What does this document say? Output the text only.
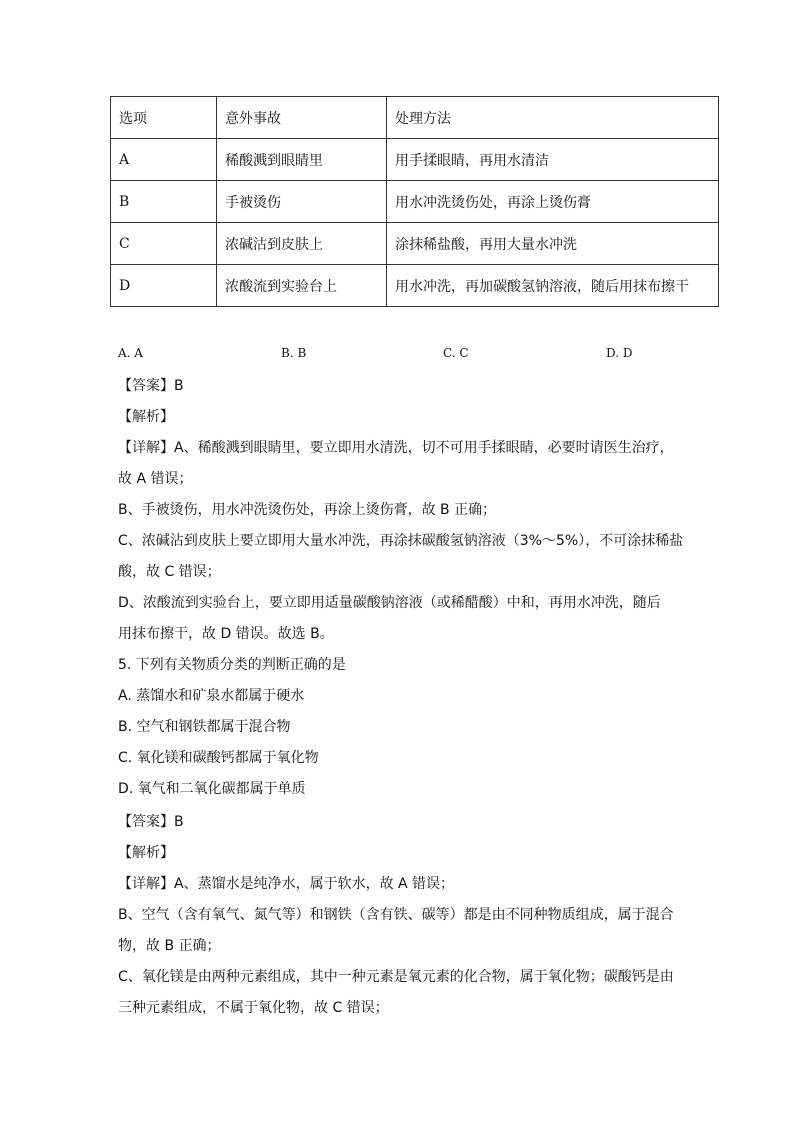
选项	意外事故	处理方法
A	稀酸溅到眼睛里	用手揉眼睛，再用水清洁
B	手被烫伤	用水冲洗烫伤处，再涂上烫伤膏
C	浓碱沽到皮肤上	涂抹稀盐酸，再用大量水冲洗
D	浓酸流到实验台上	用水冲洗，再加碳酸氢钠溶液，随后用抹布擦干
A. A	B. B	C. C	D. D
【答案】B
【解析】
【详解】A、稀酸溅到眼睛里，要立即用水清洗，切不可用手揉眼睛，必要时请医生治疗，
故 A 错误；
B、手被烫伤，用水冲洗烫伤处，再涂上烫伤膏，故 B 正确；
C、浓碱沾到皮肤上要立即用大量水冲洗，再涂抹碳酸氢钠溶液（3%～5%），不可涂抹稀盐
酸，故 C 错误；
D、浓酸流到实验台上，要立即用适量碳酸钠溶液（或稀醋酸）中和，再用水冲洗，随后
用抹布擦干，故 D 错误。故选 B。
5. 下列有关物质分类的判断正确的是
A. 蒸馏水和矿泉水都属于硬水
B. 空气和钢铁都属于混合物
C. 氧化镁和碳酸钙都属于氧化物
D. 氧气和二氧化碳都属于单质
【答案】B
【解析】
【详解】A、蒸馏水是纯净水，属于软水，故 A 错误；
B、空气（含有氧气、氮气等）和钢铁（含有铁、碳等）都是由不同种物质组成，属于混合
物，故 B 正确；
C、氧化镁是由两种元素组成，其中一种元素是氧元素的化合物，属于氧化物；碳酸钙是由
三种元素组成，不属于氧化物，故 C 错误；
